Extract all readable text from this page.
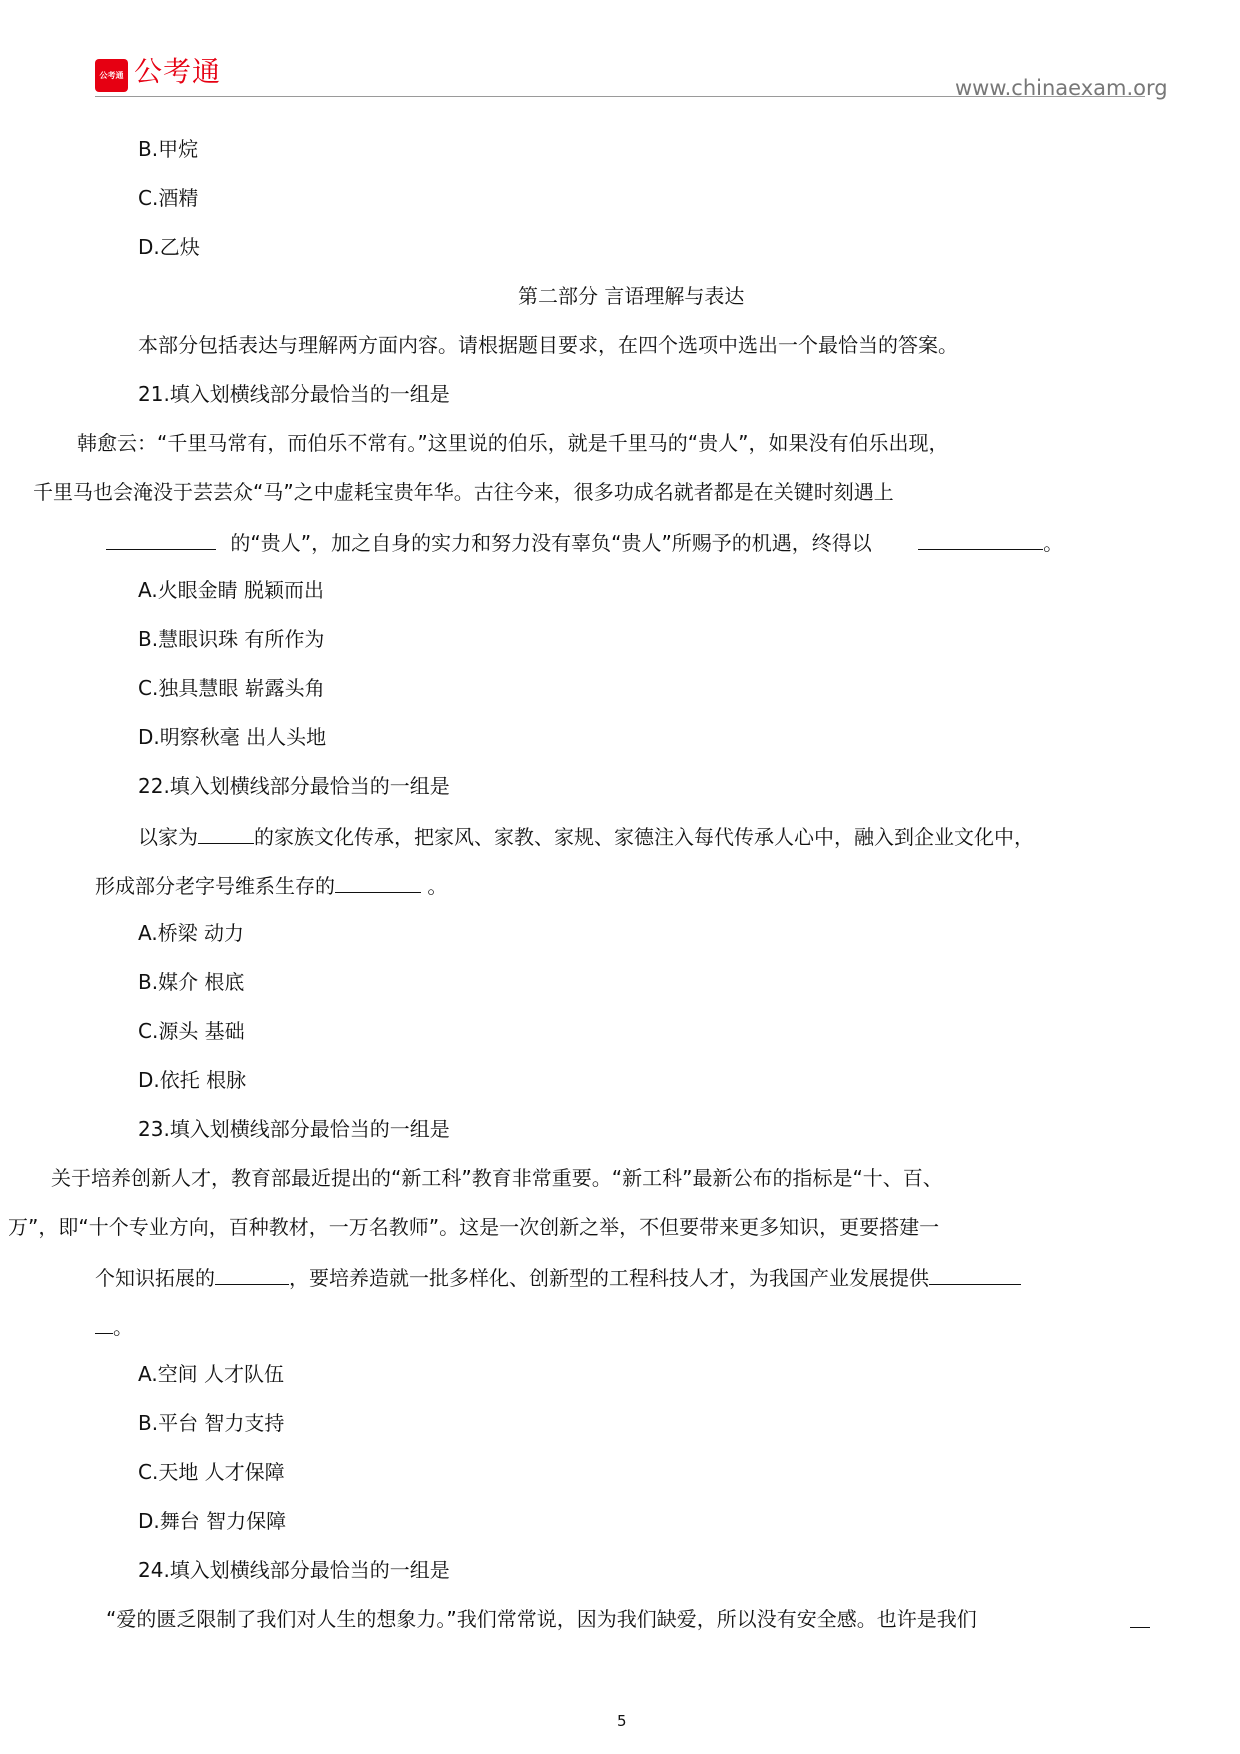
公考通 公考通	www.chinaexam.org
B.甲烷
C.酒精
D.乙炔
第二部分 言语理解与表达
本部分包括表达与理解两方面内容。请根据题目要求，在四个选项中选出一个最恰当的答案。
21.填入划横线部分最恰当的一组是
韩愈云：“千里马常有，而伯乐不常有。”这里说的伯乐，就是千里马的“贵人”，如果没有伯乐出现，
千里马也会淹没于芸芸众“马”之中虚耗宝贵年华。古往今来，很多功成名就者都是在关键时刻遇上
的“贵人”，加之自身的实力和努力没有辜负“贵人”所赐予的机遇，终得以	。
A.火眼金睛 脱颖而出
B.慧眼识珠 有所作为
C.独具慧眼 崭露头角
D.明察秋毫 出人头地
22.填入划横线部分最恰当的一组是
以家为	的家族文化传承，把家风、家教、家规、家德注入每代传承人心中，融入到企业文化中，
形成部分老字号维系生存的	。
A.桥梁 动力
B.媒介 根底
C.源头 基础
D.依托 根脉
23.填入划横线部分最恰当的一组是
关于培养创新人才，教育部最近提出的“新工科”教育非常重要。“新工科”最新公布的指标是“十、百、
万”，即“十个专业方向，百种教材，一万名教师”。这是一次创新之举，不但要带来更多知识，更要搭建一
个知识拓展的	，要培养造就一批多样化、创新型的工程科技人才，为我国产业发展提供
。
A.空间 人才队伍
B.平台 智力支持
C.天地 人才保障
D.舞台 智力保障
24.填入划横线部分最恰当的一组是
“爱的匮乏限制了我们对人生的想象力。”我们常常说，因为我们缺爱，所以没有安全感。也许是我们
5
